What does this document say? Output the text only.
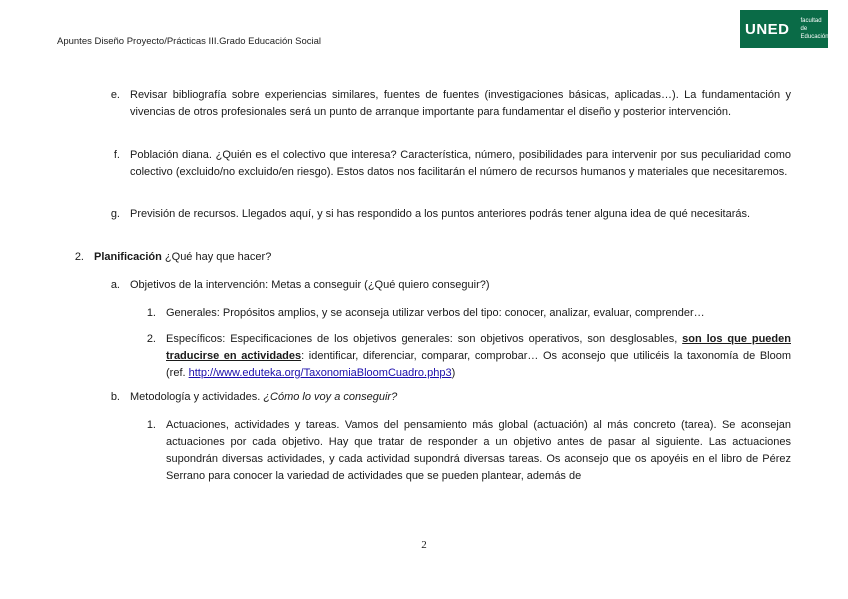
Apuntes Diseño Proyecto/Prácticas III.Grado Educación Social
UNED facultad
de Educación
e. Revisar bibliografía sobre experiencias similares, fuentes de fuentes (investigaciones básicas, aplicadas…). La fundamentación y vivencias de otros profesionales será un punto de arranque importante para fundamentar el diseño y posterior intervención.
f. Población diana. ¿Quién es el colectivo que interesa? Característica, número, posibilidades para intervenir por sus peculiaridad como colectivo (excluido/no excluido/en riesgo). Estos datos nos facilitarán el número de recursos humanos y materiales que necesitaremos.
g. Previsión de recursos. Llegados aquí, y si has respondido a los puntos anteriores podrás tener alguna idea de qué necesitarás.
2. Planificación ¿Qué hay que hacer?
a. Objetivos de la intervención: Metas a conseguir (¿Qué quiero conseguir?)
1. Generales: Propósitos amplios, y se aconseja utilizar verbos del tipo: conocer, analizar, evaluar, comprender…
2. Específicos: Especificaciones de los objetivos generales: son objetivos operativos, son desglosables, son los que pueden traducirse en actividades: identificar, diferenciar, comparar, comprobar… Os aconsejo que utilicéis la taxonomía de Bloom (ref. http://www.eduteka.org/TaxonomiaBloomCuadro.php3)
b. Metodología y actividades. ¿Cómo lo voy a conseguir?
1. Actuaciones, actividades y tareas. Vamos del pensamiento más global (actuación) al más concreto (tarea). Se aconsejan actuaciones por cada objetivo. Hay que tratar de responder a un objetivo antes de pasar al siguiente. Las actuaciones supondrán diversas actividades, y cada actividad supondrá diversas tareas. Os aconsejo que os apoyéis en el libro de Pérez Serrano para conocer la variedad de actividades que se pueden plantear, además de
2
